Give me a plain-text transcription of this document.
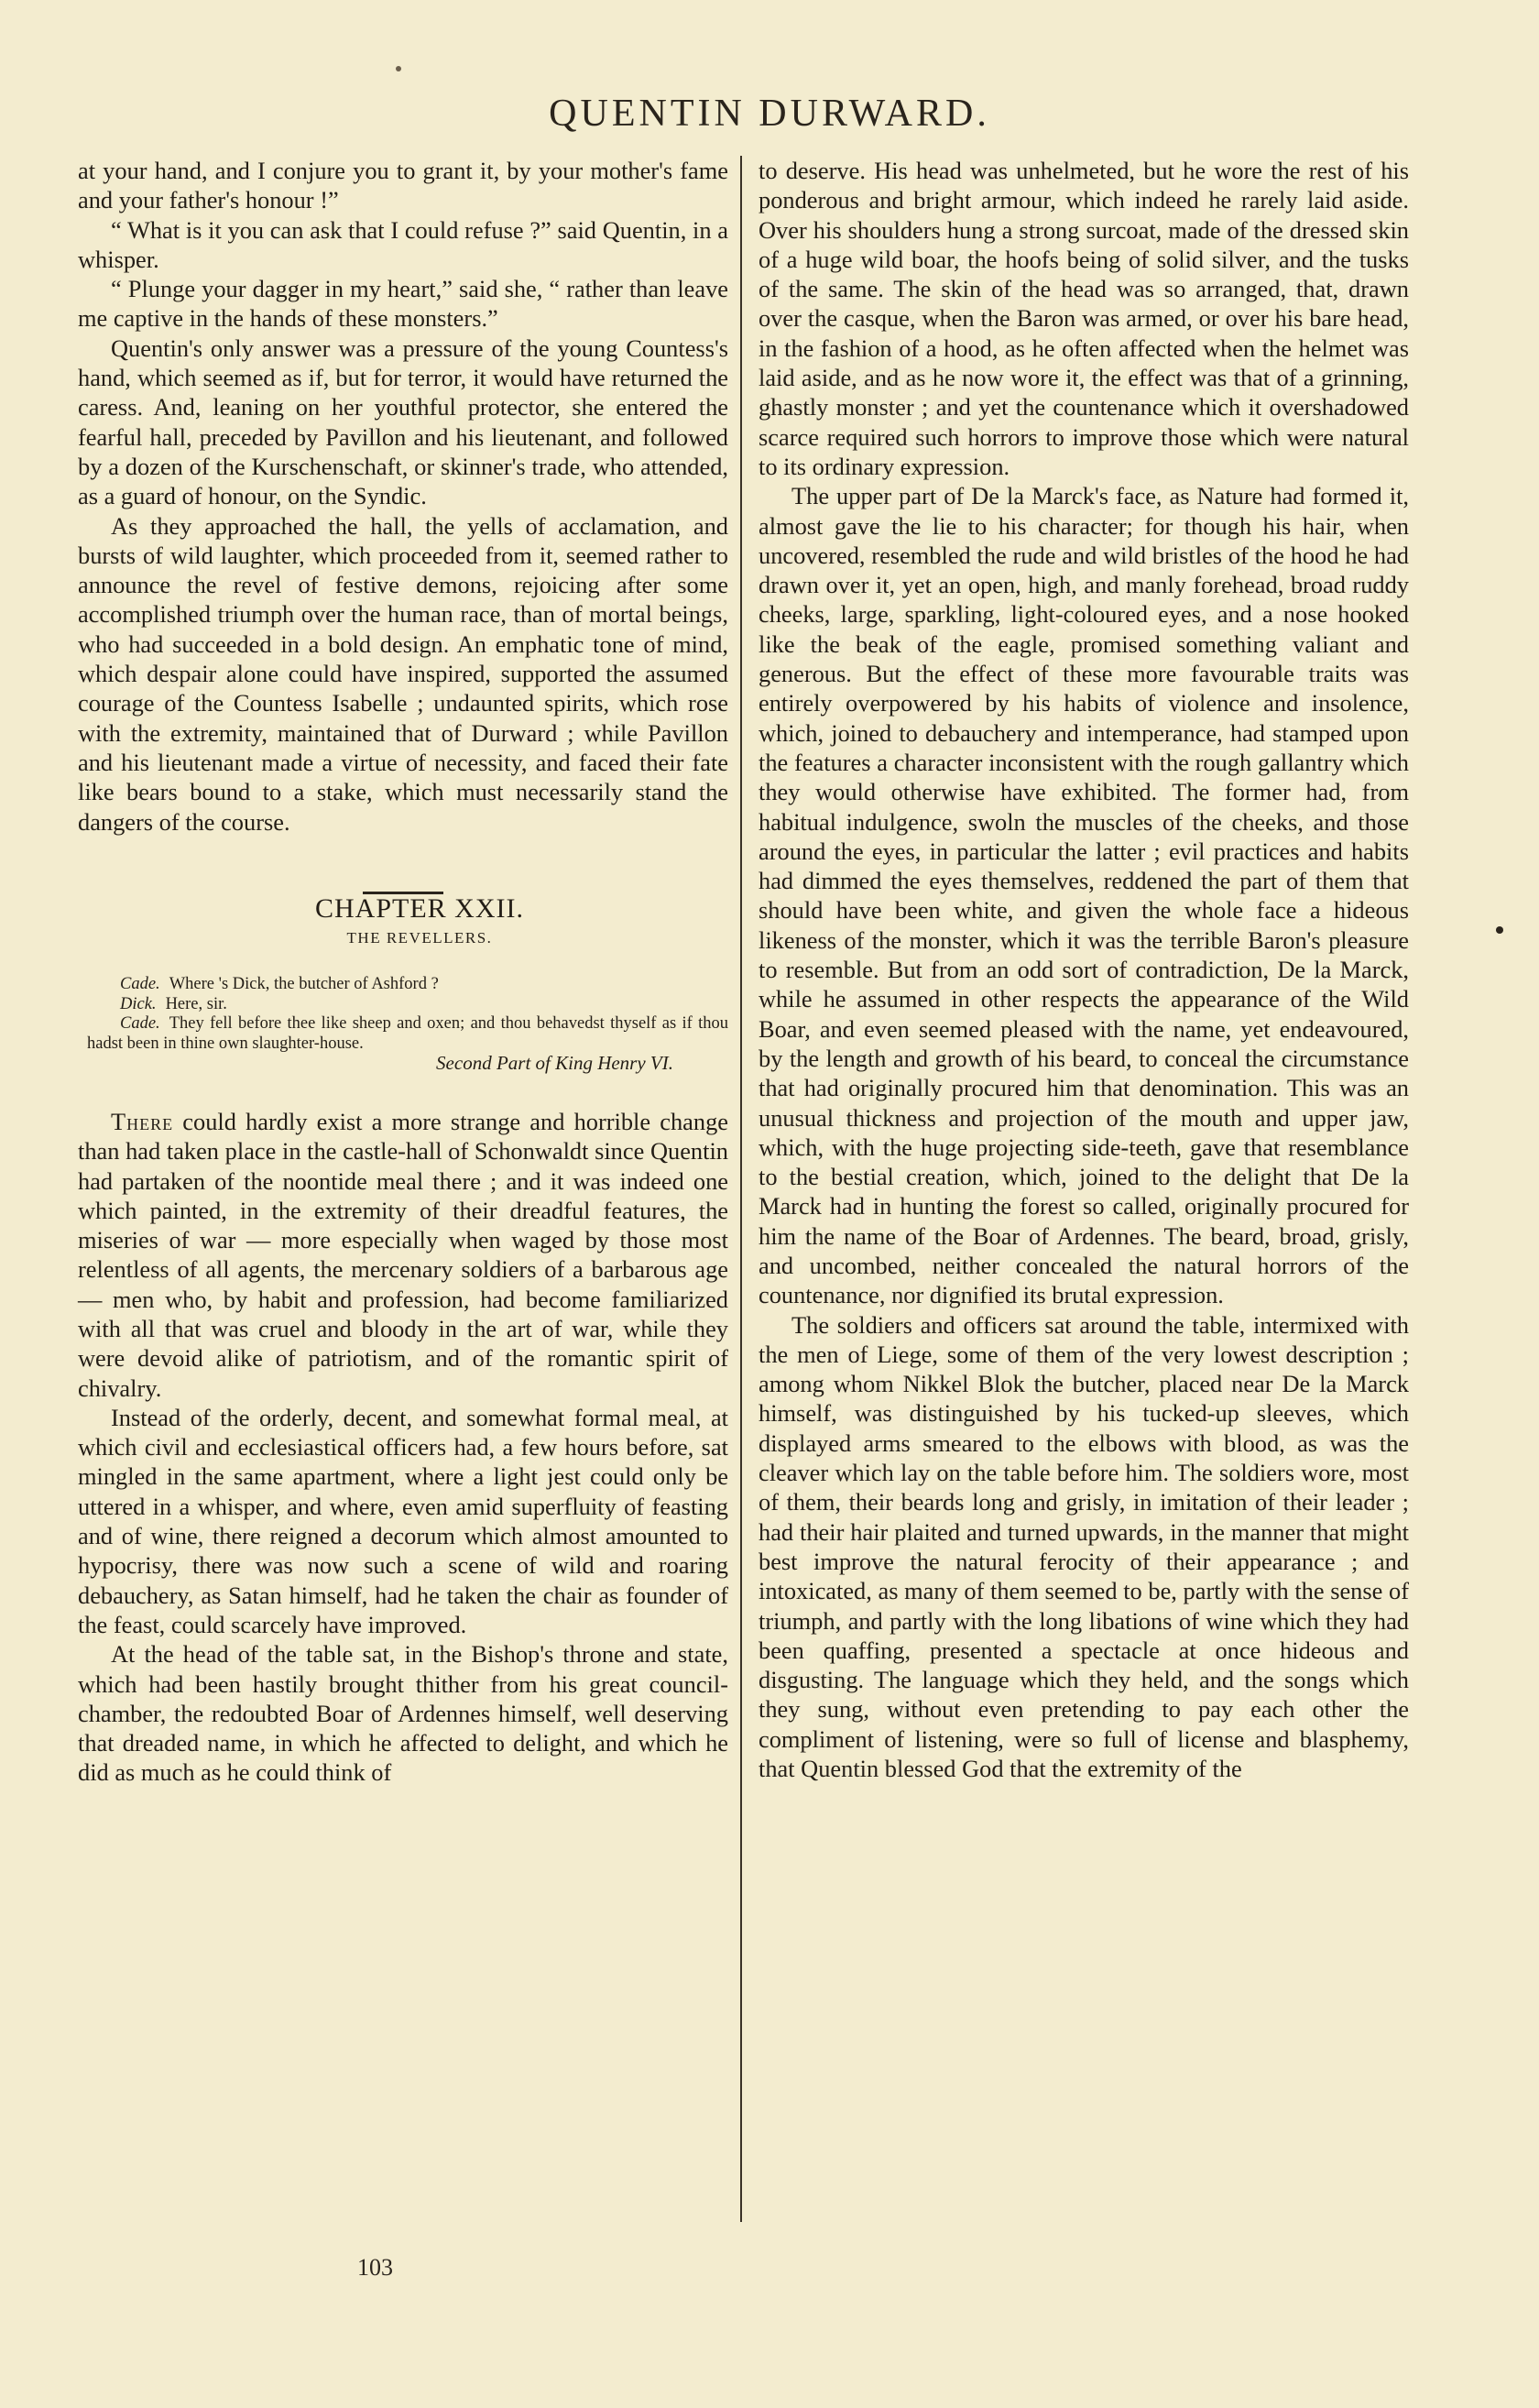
QUENTIN DURWARD.

at your hand, and I conjure you to grant it, by your mother's fame and your father's honour !”

“ What is it you can ask that I could refuse ?” said Quentin, in a whisper.

“ Plunge your dagger in my heart,” said she, “ rather than leave me captive in the hands of these monsters.”

Quentin's only answer was a pressure of the young Countess's hand, which seemed as if, but for terror, it would have returned the caress. And, leaning on her youthful protector, she entered the fearful hall, preceded by Pavillon and his lieutenant, and followed by a dozen of the Kurschenschaft, or skinner's trade, who attended, as a guard of honour, on the Syndic.

As they approached the hall, the yells of acclamation, and bursts of wild laughter, which proceeded from it, seemed rather to announce the revel of festive demons, rejoicing after some accomplished triumph over the human race, than of mortal beings, who had succeeded in a bold design. An emphatic tone of mind, which despair alone could have inspired, supported the assumed courage of the Countess Isabelle ; undaunted spirits, which rose with the extremity, maintained that of Durward ; while Pavillon and his lieutenant made a virtue of necessity, and faced their fate like bears bound to a stake, which must necessarily stand the dangers of the course.

CHAPTER XXII.

THE REVELLERS.

Cade. Where 's Dick, the butcher of Ashford ?

Dick. Here, sir.

Cade. They fell before thee like sheep and oxen; and thou behavedst thyself as if thou hadst been in thine own slaughter-house.

Second Part of King Henry VI.

There could hardly exist a more strange and horrible change than had taken place in the castle-hall of Schonwaldt since Quentin had partaken of the noontide meal there ; and it was indeed one which painted, in the extremity of their dreadful features, the miseries of war — more especially when waged by those most relentless of all agents, the mercenary soldiers of a barbarous age — men who, by habit and profession, had become familiarized with all that was cruel and bloody in the art of war, while they were devoid alike of patriotism, and of the romantic spirit of chivalry.

Instead of the orderly, decent, and somewhat formal meal, at which civil and ecclesiastical officers had, a few hours before, sat mingled in the same apartment, where a light jest could only be uttered in a whisper, and where, even amid superfluity of feasting and of wine, there reigned a decorum which almost amounted to hypocrisy, there was now such a scene of wild and roaring debauchery, as Satan himself, had he taken the chair as founder of the feast, could scarcely have improved.

At the head of the table sat, in the Bishop's throne and state, which had been hastily brought thither from his great council-chamber, the redoubted Boar of Ardennes himself, well deserving that dreaded name, in which he affected to delight, and which he did as much as he could think of

to deserve. His head was unhelmeted, but he wore the rest of his ponderous and bright armour, which indeed he rarely laid aside. Over his shoulders hung a strong surcoat, made of the dressed skin of a huge wild boar, the hoofs being of solid silver, and the tusks of the same. The skin of the head was so arranged, that, drawn over the casque, when the Baron was armed, or over his bare head, in the fashion of a hood, as he often affected when the helmet was laid aside, and as he now wore it, the effect was that of a grinning, ghastly monster ; and yet the countenance which it overshadowed scarce required such horrors to improve those which were natural to its ordinary expression.

The upper part of De la Marck's face, as Nature had formed it, almost gave the lie to his character; for though his hair, when uncovered, resembled the rude and wild bristles of the hood he had drawn over it, yet an open, high, and manly forehead, broad ruddy cheeks, large, sparkling, light-coloured eyes, and a nose hooked like the beak of the eagle, promised something valiant and generous. But the effect of these more favourable traits was entirely overpowered by his habits of violence and insolence, which, joined to debauchery and intemperance, had stamped upon the features a character inconsistent with the rough gallantry which they would otherwise have exhibited. The former had, from habitual indulgence, swoln the muscles of the cheeks, and those around the eyes, in particular the latter ; evil practices and habits had dimmed the eyes themselves, reddened the part of them that should have been white, and given the whole face a hideous likeness of the monster, which it was the terrible Baron's pleasure to resemble. But from an odd sort of contradiction, De la Marck, while he assumed in other respects the appearance of the Wild Boar, and even seemed pleased with the name, yet endeavoured, by the length and growth of his beard, to conceal the circumstance that had originally procured him that denomination. This was an unusual thickness and projection of the mouth and upper jaw, which, with the huge projecting side-teeth, gave that resemblance to the bestial creation, which, joined to the delight that De la Marck had in hunting the forest so called, originally procured for him the name of the Boar of Ardennes. The beard, broad, grisly, and uncombed, neither concealed the natural horrors of the countenance, nor dignified its brutal expression.

The soldiers and officers sat around the table, intermixed with the men of Liege, some of them of the very lowest description ; among whom Nikkel Blok the butcher, placed near De la Marck himself, was distinguished by his tucked-up sleeves, which displayed arms smeared to the elbows with blood, as was the cleaver which lay on the table before him. The soldiers wore, most of them, their beards long and grisly, in imitation of their leader ; had their hair plaited and turned upwards, in the manner that might best improve the natural ferocity of their appearance ; and intoxicated, as many of them seemed to be, partly with the sense of triumph, and partly with the long libations of wine which they had been quaffing, presented a spectacle at once hideous and disgusting. The language which they held, and the songs which they sung, without even pretending to pay each other the compliment of listening, were so full of license and blasphemy, that Quentin blessed God that the extremity of the

103
